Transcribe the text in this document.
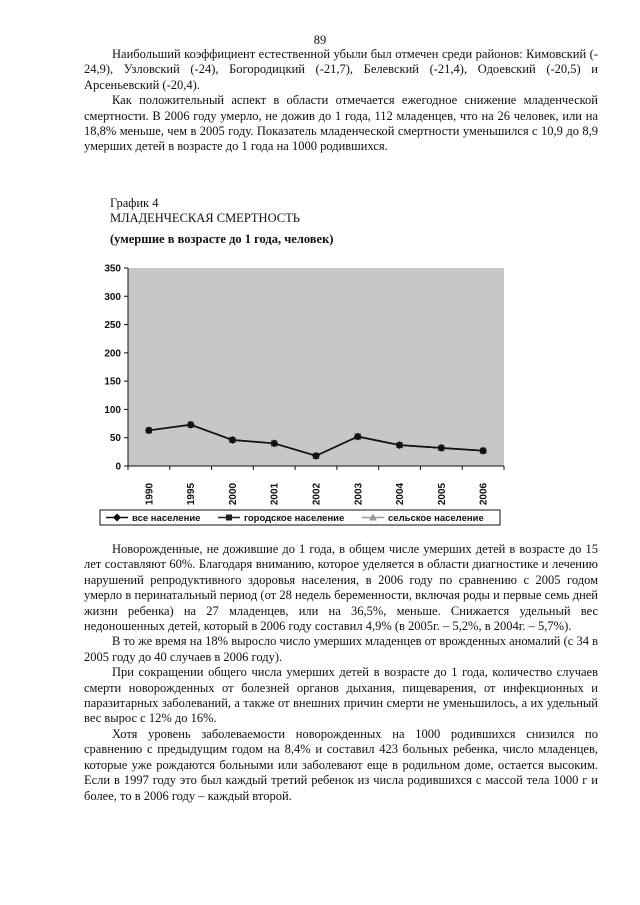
89

Наибольший коэффициент естественной убыли был отмечен среди районов: Кимовский (- 24,9), Узловский (-24), Богородицкий (-21,7), Белевский (-21,4), Одоевский (-20,5) и Арсеньевский (-20,4).

Как положительный аспект в области отмечается ежегодное снижение младенческой смертности. В 2006 году умерло, не дожив до 1 года, 112 младенцев, что на 26 человек, или на 18,8% меньше, чем в 2005 году. Показатель младенческой смертности уменьшился с 10,9 до 8,9 умерших детей в возрасте до 1 года на 1000 родившихся.

График 4

МЛАДЕНЧЕСКАЯ СМЕРТНОСТЬ

(умершие в возрасте до 1 года, человек)

0
50
100
150
200
250
300
350
1990	1995	2000	2001	2002	2003	2004	2005	2006
все население	городское население	сельское население

Новорожденные, не дожившие до 1 года, в общем числе умерших детей в возрасте до 15 лет составляют 60%. Благодаря вниманию, которое уделяется в области диагностике и лечению нарушений репродуктивного здоровья населения, в 2006 году по сравнению с 2005 годом умерло в перинатальный период (от 28 недель беременности, включая роды и первые семь дней жизни ребенка) на 27 младенцев, или на 36,5%, меньше. Снижается удельный вес недоношенных детей, который в 2006 году составил 4,9% (в 2005г. – 5,2%, в 2004г. – 5,7%).

В то же время на 18% выросло число умерших младенцев от врожденных аномалий (с 34 в 2005 году до 40 случаев в 2006 году).

При сокращении общего числа умерших детей в возрасте до 1 года, количество случаев смерти новорожденных от болезней органов дыхания, пищеварения, от инфекционных и паразитарных заболеваний, а также от внешних причин смерти не уменьшилось, а их удельный вес вырос с 12% до 16%.

Хотя уровень заболеваемости новорожденных на 1000 родившихся снизился по сравнению с предыдущим годом на 8,4% и составил 423 больных ребенка, число младенцев, которые уже рождаются больными или заболевают еще в родильном доме, остается высоким. Если в 1997 году это был каждый третий ребенок из числа родившихся с массой тела 1000 г и более, то в 2006 году – каждый второй.
